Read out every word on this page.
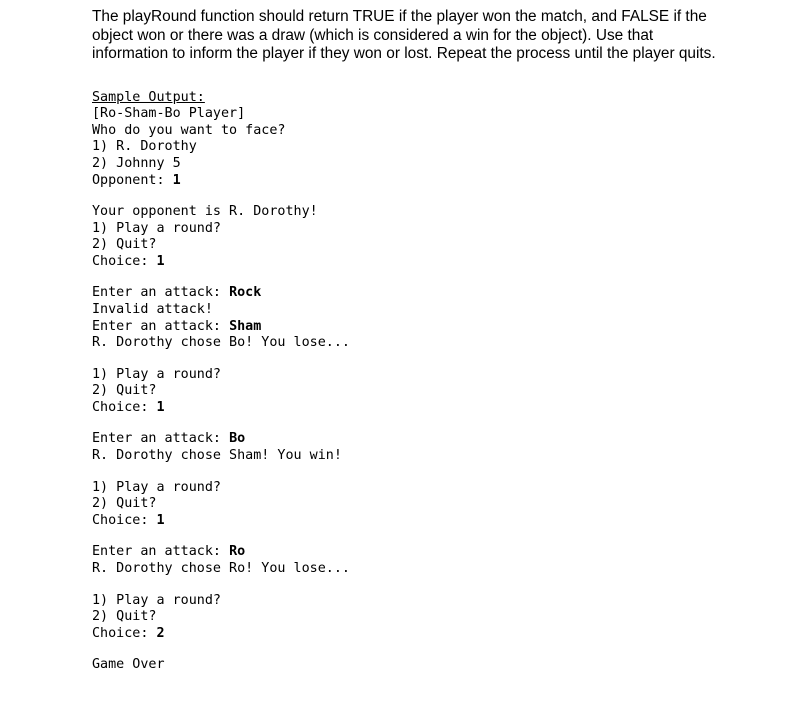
The playRound function should return TRUE if the player won the match, and FALSE if the object won or there was a draw (which is considered a win for the object). Use that information to inform the player if they won or lost. Repeat the process until the player quits.

Sample Output:
[Ro-Sham-Bo Player]
Who do you want to face?
1) R. Dorothy
2) Johnny 5
Opponent: 1
Your opponent is R. Dorothy!
1) Play a round?
2) Quit?
Choice: 1
Enter an attack: Rock
Invalid attack!
Enter an attack: Sham
R. Dorothy chose Bo! You lose...
1) Play a round?
2) Quit?
Choice: 1
Enter an attack: Bo
R. Dorothy chose Sham! You win!
1) Play a round?
2) Quit?
Choice: 1
Enter an attack: Ro
R. Dorothy chose Ro! You lose...
1) Play a round?
2) Quit?
Choice: 2
Game Over
